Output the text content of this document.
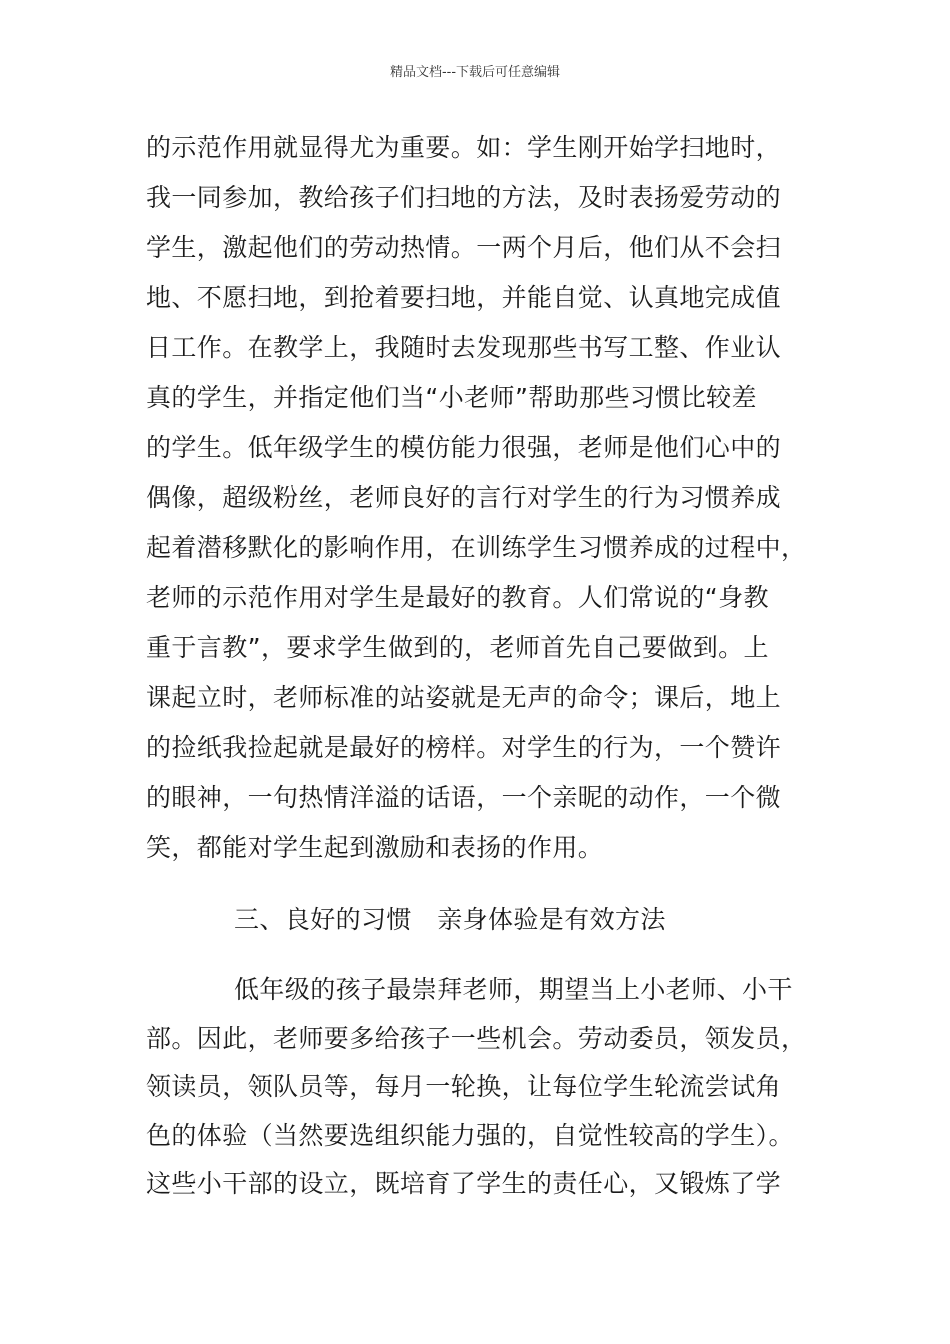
精品文档---下载后可任意编辑
的示范作用就显得尤为重要。如：学生刚开始学扫地时，
我一同参加，教给孩子们扫地的方法，及时表扬爱劳动的
学生，激起他们的劳动热情。一两个月后，他们从不会扫
地、不愿扫地，到抢着要扫地，并能自觉、认真地完成值
日工作。在教学上，我随时去发现那些书写工整、作业认
真的学生，并指定他们当“小老师”帮助那些习惯比较差
的学生。低年级学生的模仿能力很强，老师是他们心中的
偶像，超级粉丝，老师良好的言行对学生的行为习惯养成
起着潜移默化的影响作用，在训练学生习惯养成的过程中，
老师的示范作用对学生是最好的教育。人们常说的“身教
重于言教”，要求学生做到的，老师首先自己要做到。上
课起立时，老师标准的站姿就是无声的命令；课后，地上
的捡纸我捡起就是最好的榜样。对学生的行为，一个赞许
的眼神，一句热情洋溢的话语，一个亲昵的动作，一个微
笑，都能对学生起到激励和表扬的作用。
三、良好的习惯　亲身体验是有效方法
低年级的孩子最崇拜老师，期望当上小老师、小干
部。因此，老师要多给孩子一些机会。劳动委员，领发员，
领读员，领队员等，每月一轮换，让每位学生轮流尝试角
色的体验（当然要选组织能力强的，自觉性较高的学生）。
这些小干部的设立，既培育了学生的责任心，又锻炼了学
